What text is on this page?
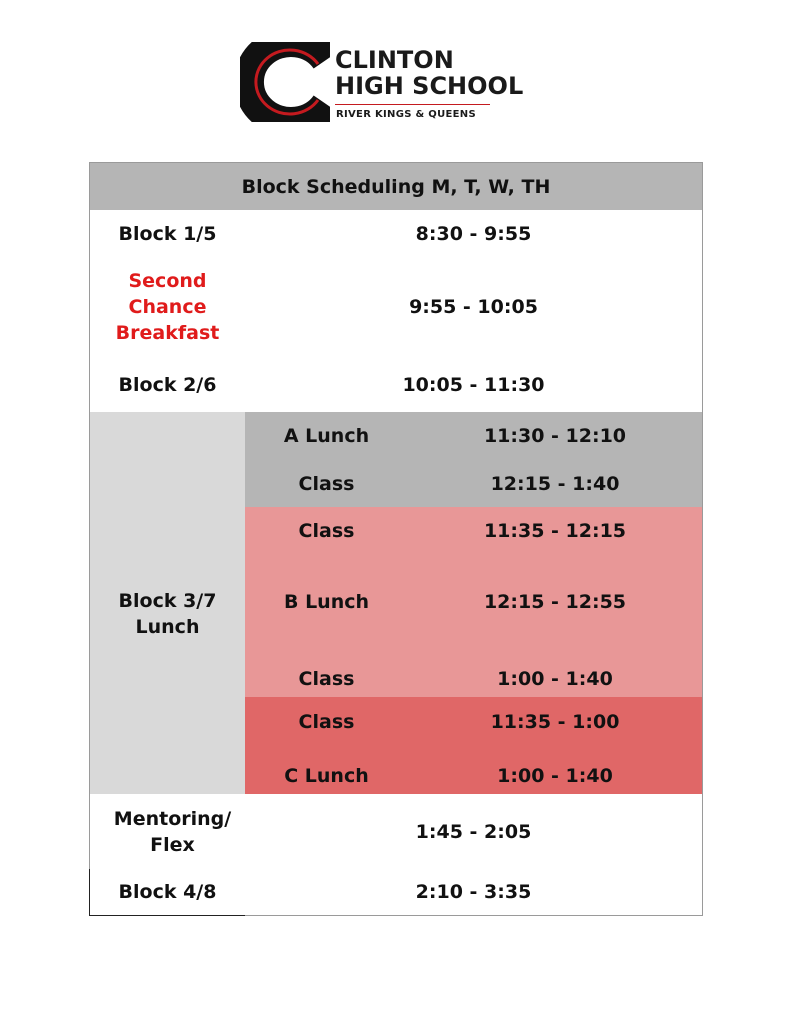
CLINTON
HIGH SCHOOL
RIVER KINGS & QUEENS
Block Scheduling M, T, W, TH
Block 1/5	8:30 - 9:55
Second
Chance
Breakfast
9:55 - 10:05
Block 2/6	10:05 - 11:30
Block 3/7
Lunch
A Lunch	11:30 - 12:10
Class	12:15 - 1:40
Class	11:35 - 12:15
B Lunch	12:15 - 12:55
Class	1:00 - 1:40
Class	11:35 - 1:00
C Lunch	1:00 - 1:40
Mentoring/
Flex
1:45 - 2:05
Block 4/8	2:10 - 3:35
